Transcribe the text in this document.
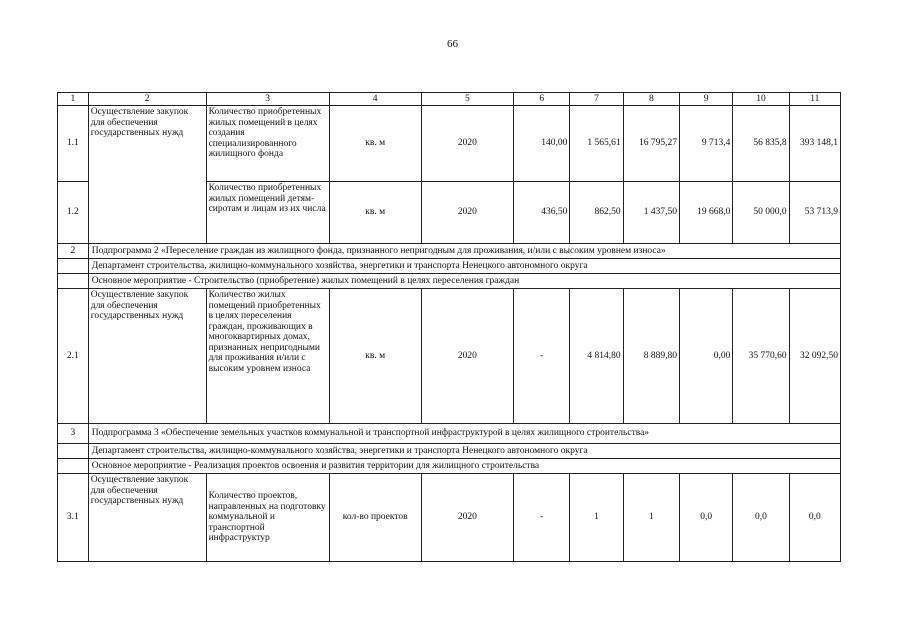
66
1	2	3	4	5	6	7	8	9	10	11
1.1	Осуществление закупок для обеспечения государственных нужд	Количество приобретенных жилых помещений в целях создания специализированного жилищного фонда	кв. м	2020	140,00	1 565,61	16 795,27	9 713,4	56 835,8	393 148,1
1.2		Количество приобретенных жилых помещений детям-сиротам и лицам из их числа	кв. м	2020	436,50	862,50	1 437,50	19 668,0	50 000,0	53 713,9
2	Подпрограмма 2 «Переселение граждан из жилищного фонда, признанного непригодным для проживания, и/или с высоким уровнем износа»									
	Департамент строительства, жилищно-коммунального хозяйства, энергетики и транспорта Ненецкого автономного округа									
	Основное мероприятие - Строительство (приобретение) жилых помещений в целях переселения граждан									
2.1	Осуществление закупок для обеспечения государственных нужд	Количество жилых помещений приобретенных в целях переселения граждан, проживающих в многоквартирных домах, признанных непригодными для проживания и/или с высоким уровнем износа	кв. м	2020	-	4 814,80	8 889,80	0,00	35 770,60	32 092,50
3	Подпрограмма 3 «Обеспечение земельных участков коммунальной и транспортной инфраструктурой в целях жилищного строительства»									
	Департамент строительства, жилищно-коммунального хозяйства, энергетики и транспорта Ненецкого автономного округа									
	Основное мероприятие - Реализация проектов освоения и развития территории для жилищного строительства									
3.1	Осуществление закупок для обеспечения государственных нужд	Количество проектов, направленных на подготовку коммунальной и транспортной инфраструктур	кол-во проектов	2020	-	1	1	0,0	0,0	0,0
